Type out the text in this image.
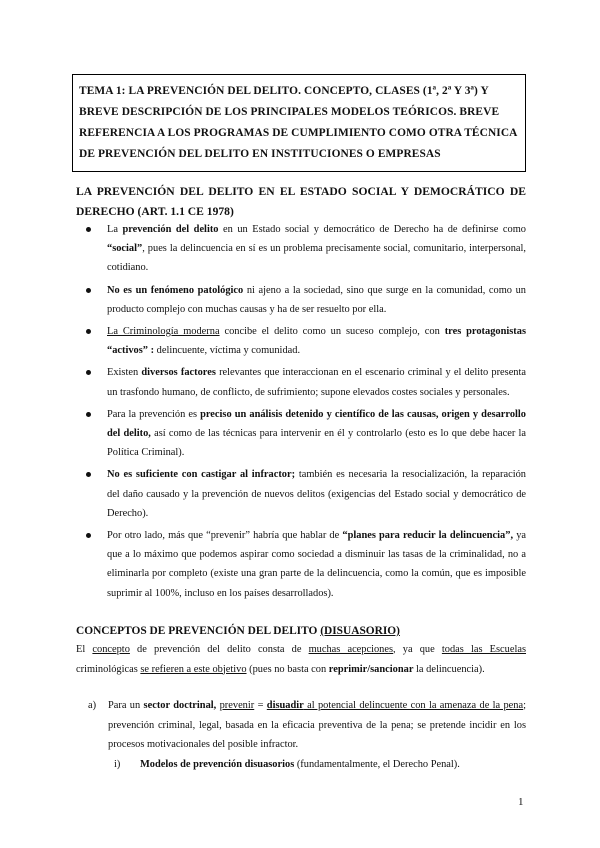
TEMA 1: LA PREVENCIÓN DEL DELITO. CONCEPTO, CLASES (1ª, 2ª Y 3ª) Y BREVE DESCRIPCIÓN DE LOS PRINCIPALES MODELOS TEÓRICOS. BREVE REFERENCIA A LOS PROGRAMAS DE CUMPLIMIENTO COMO OTRA TÉCNICA DE PREVENCIÓN DEL DELITO EN INSTITUCIONES O EMPRESAS
LA PREVENCIÓN DEL DELITO EN EL ESTADO SOCIAL Y DEMOCRÁTICO DE DERECHO (ART. 1.1 CE 1978)
La prevención del delito en un Estado social y democrático de Derecho ha de definirse como “social”, pues la delincuencia en sí es un problema precisamente social, comunitario, interpersonal, cotidiano.
No es un fenómeno patológico ni ajeno a la sociedad, sino que surge en la comunidad, como un producto complejo con muchas causas y ha de ser resuelto por ella.
La Criminología moderna concibe el delito como un suceso complejo, con tres protagonistas “activos” : delincuente, víctima y comunidad.
Existen diversos factores relevantes que interaccionan en el escenario criminal y el delito presenta un trasfondo humano, de conflicto, de sufrimiento; supone elevados costes sociales y personales.
Para la prevención es preciso un análisis detenido y científico de las causas, origen y desarrollo del delito, así como de las técnicas para intervenir en él y controlarlo (esto es lo que debe hacer la Política Criminal).
No es suficiente con castigar al infractor; también es necesaria la resocialización, la reparación del daño causado y la prevención de nuevos delitos (exigencias del Estado social y democrático de Derecho).
Por otro lado, más que “prevenir” habría que hablar de “planes para reducir la delincuencia”, ya que a lo máximo que podemos aspirar como sociedad a disminuir las tasas de la criminalidad, no a eliminarla por completo (existe una gran parte de la delincuencia, como la común, que es imposible suprimir al 100%, incluso en los países desarrollados).
CONCEPTOS DE PREVENCIÓN DEL DELITO (DISUASORIO)
El concepto de prevención del delito consta de muchas acepciones, ya que todas las Escuelas criminológicas se refieren a este objetivo (pues no basta con reprimir/sancionar la delincuencia).
a) Para un sector doctrinal, prevenir = disuadir al potencial delincuente con la amenaza de la pena; prevención criminal, legal, basada en la eficacia preventiva de la pena; se pretende incidir en los procesos motivacionales del posible infractor.
i) Modelos de prevención disuasorios (fundamentalmente, el Derecho Penal).
1
